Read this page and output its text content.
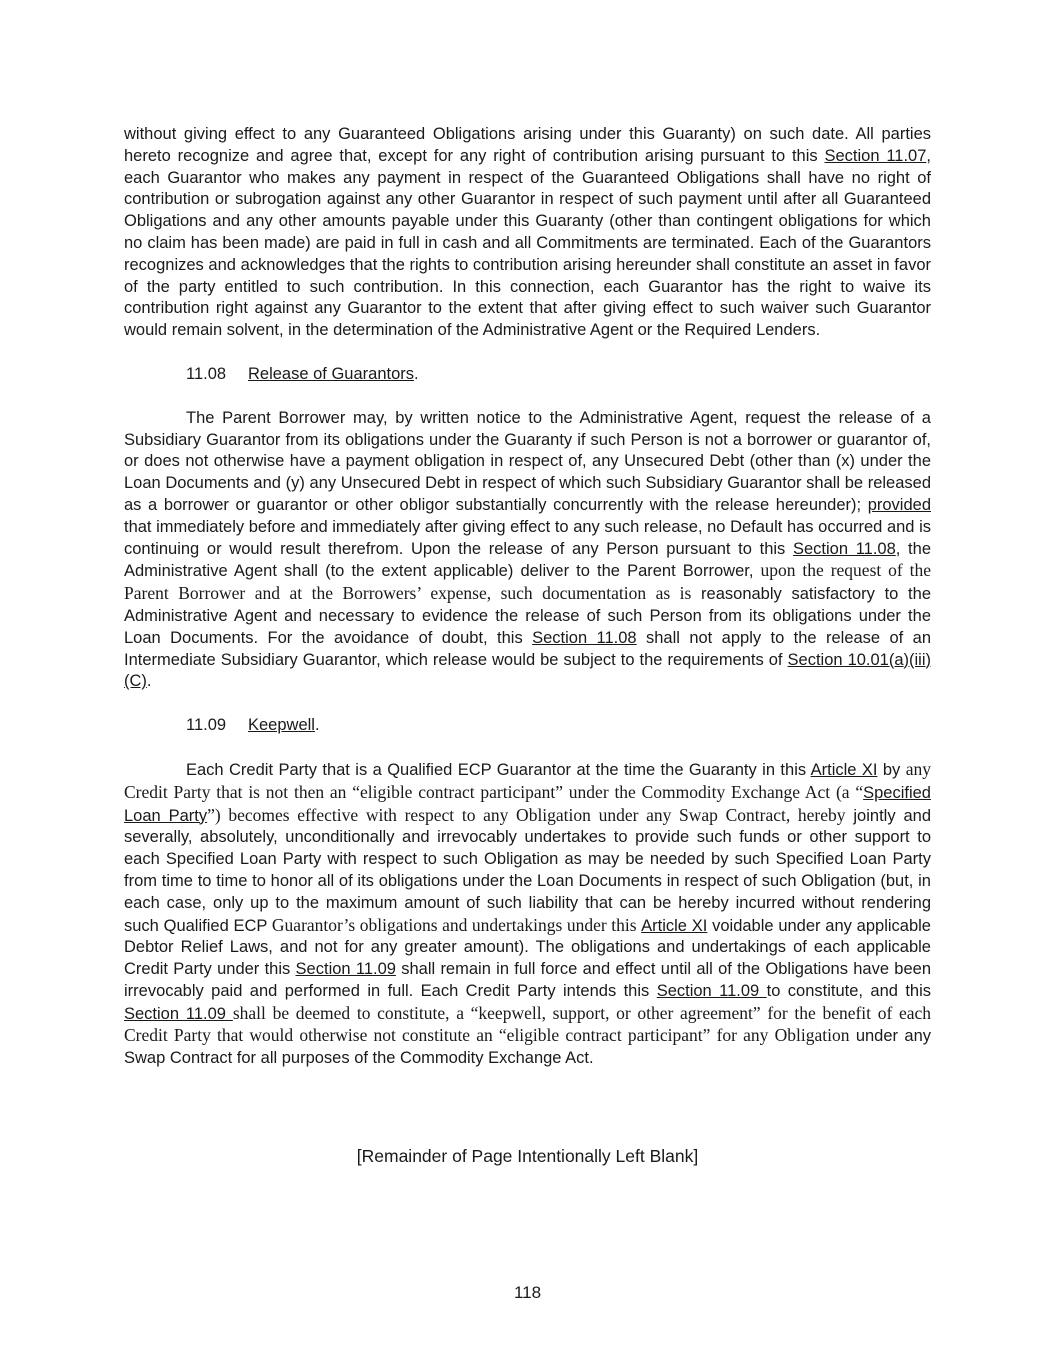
without giving effect to any Guaranteed Obligations arising under this Guaranty) on such date. All parties hereto recognize and agree that, except for any right of contribution arising pursuant to this Section 11.07, each Guarantor who makes any payment in respect of the Guaranteed Obligations shall have no right of contribution or subrogation against any other Guarantor in respect of such payment until after all Guaranteed Obligations and any other amounts payable under this Guaranty (other than contingent obligations for which no claim has been made) are paid in full in cash and all Commitments are terminated. Each of the Guarantors recognizes and acknowledges that the rights to contribution arising hereunder shall constitute an asset in favor of the party entitled to such contribution. In this connection, each Guarantor has the right to waive its contribution right against any Guarantor to the extent that after giving effect to such waiver such Guarantor would remain solvent, in the determination of the Administrative Agent or the Required Lenders.

11.08 Release of Guarantors.

The Parent Borrower may, by written notice to the Administrative Agent, request the release of a Subsidiary Guarantor from its obligations under the Guaranty if such Person is not a borrower or guarantor of, or does not otherwise have a payment obligation in respect of, any Unsecured Debt (other than (x) under the Loan Documents and (y) any Unsecured Debt in respect of which such Subsidiary Guarantor shall be released as a borrower or guarantor or other obligor substantially concurrently with the release hereunder); provided that immediately before and immediately after giving effect to any such release, no Default has occurred and is continuing or would result therefrom. Upon the release of any Person pursuant to this Section 11.08, the Administrative Agent shall (to the extent applicable) deliver to the Parent Borrower, upon the request of the Parent Borrower and at the Borrowers’ expense, such documentation as is reasonably satisfactory to the Administrative Agent and necessary to evidence the release of such Person from its obligations under the Loan Documents. For the avoidance of doubt, this Section 11.08 shall not apply to the release of an Intermediate Subsidiary Guarantor, which release would be subject to the requirements of Section 10.01(a)(iii)(C).

11.09 Keepwell.

Each Credit Party that is a Qualified ECP Guarantor at the time the Guaranty in this Article XI by any Credit Party that is not then an “eligible contract participant” under the Commodity Exchange Act (a “Specified Loan Party”) becomes effective with respect to any Obligation under any Swap Contract, hereby jointly and severally, absolutely, unconditionally and irrevocably undertakes to provide such funds or other support to each Specified Loan Party with respect to such Obligation as may be needed by such Specified Loan Party from time to time to honor all of its obligations under the Loan Documents in respect of such Obligation (but, in each case, only up to the maximum amount of such liability that can be hereby incurred without rendering such Qualified ECP Guarantor’s obligations and undertakings under this Article XI voidable under any applicable Debtor Relief Laws, and not for any greater amount). The obligations and undertakings of each applicable Credit Party under this Section 11.09 shall remain in full force and effect until all of the Obligations have been irrevocably paid and performed in full. Each Credit Party intends this Section 11.09 to constitute, and this Section 11.09 shall be deemed to constitute, a “keepwell, support, or other agreement” for the benefit of each Credit Party that would otherwise not constitute an “eligible contract participant” for any Obligation under any Swap Contract for all purposes of the Commodity Exchange Act.

[Remainder of Page Intentionally Left Blank]
118
